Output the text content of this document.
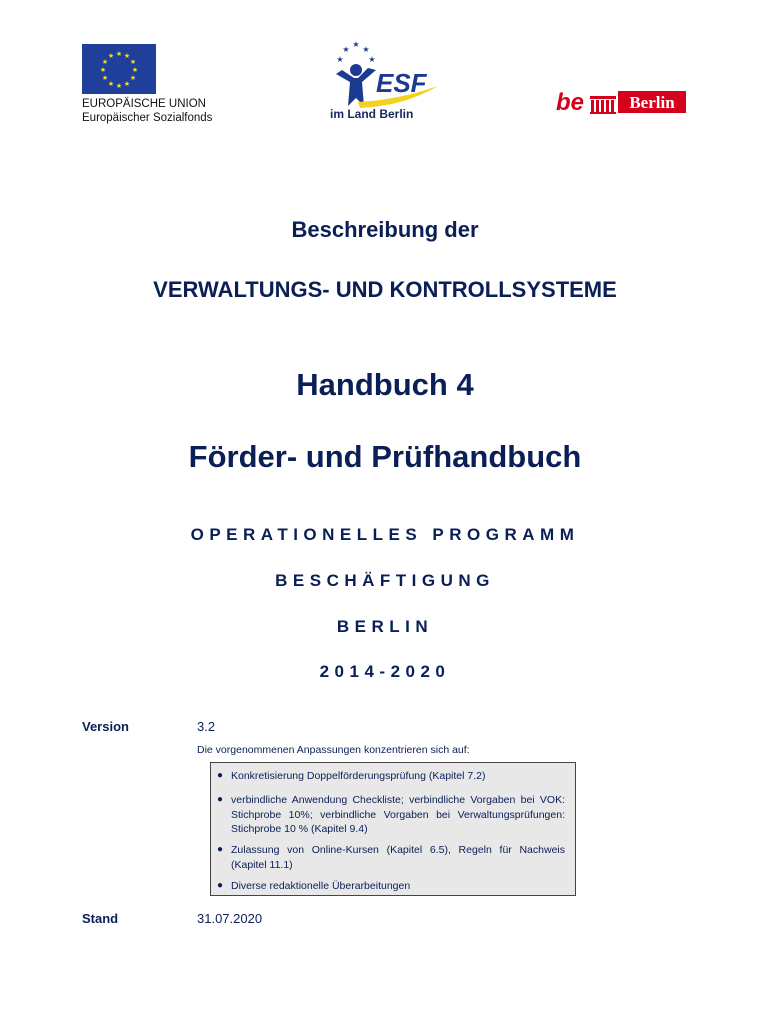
★ ★
★
★
★
★
★
★
★
★
★
★
EUROPÄISCHE UNION
Europäischer Sozialfonds
★
★
★
★
★
ESF
im Land Berlin	be	Berlin
Beschreibung der
VERWALTUNGS- UND KONTROLLSYSTEME
Handbuch 4
Förder- und Prüfhandbuch
OPERATIONELLES PROGRAMM
BESCHÄFTIGUNG
BERLIN
2014-2020
Version	3.2
Die vorgenommenen Anpassungen konzentrieren sich auf:
● Konkretisierung Doppelförderungsprüfung (Kapitel 7.2)
● verbindliche Anwendung Checkliste; verbindliche Vorgaben bei VOK: Stichprobe 10%; verbindliche Vorgaben bei Verwaltungsprüfungen: Stichprobe 10 % (Kapitel 9.4)
● Zulassung von Online-Kursen (Kapitel 6.5), Regeln für Nachweis (Kapitel 11.1)
● Diverse redaktionelle Überarbeitungen
Stand	31.07.2020
